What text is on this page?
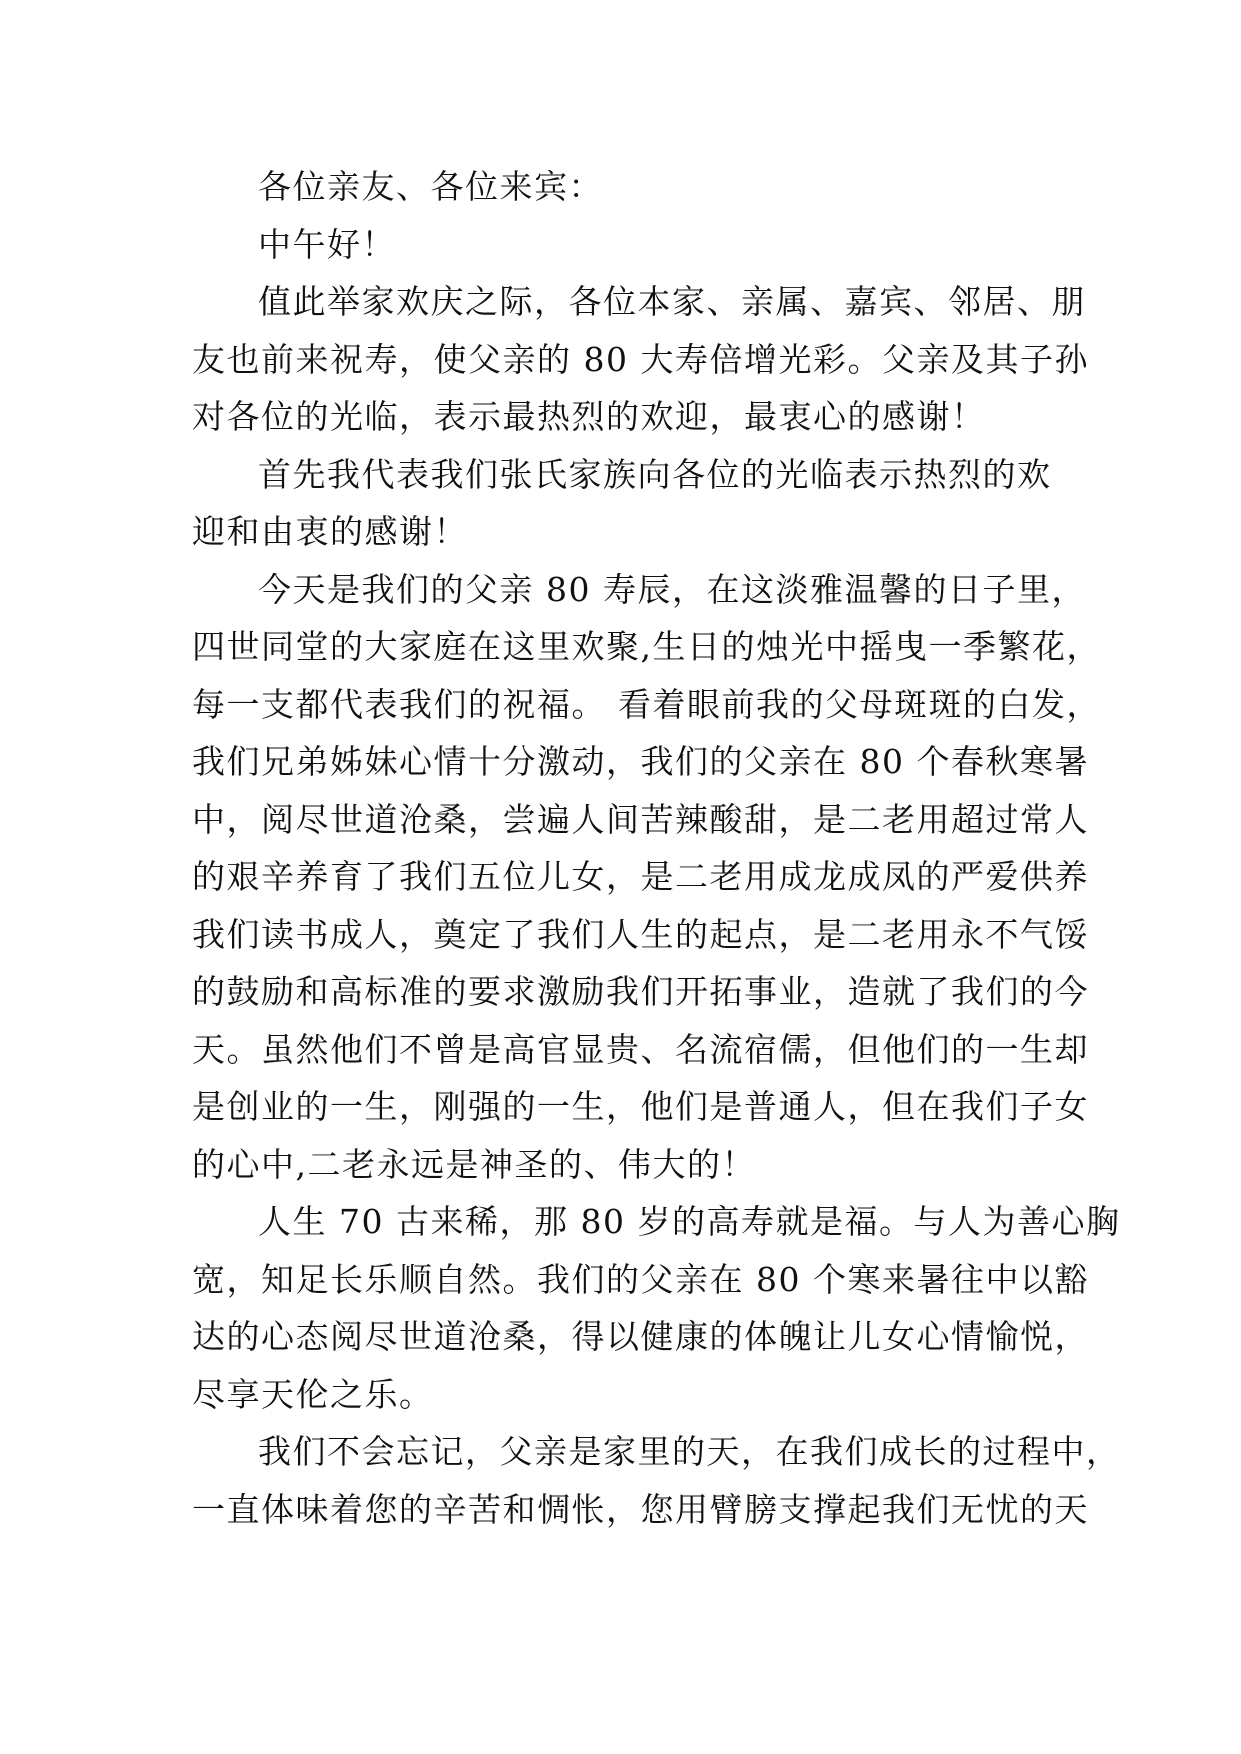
各位亲友、各位来宾：
中午好！
值此举家欢庆之际，各位本家、亲属、嘉宾、邻居、朋
友也前来祝寿，使父亲的 80 大寿倍增光彩。父亲及其子孙
对各位的光临，表示最热烈的欢迎，最衷心的感谢！
首先我代表我们张氏家族向各位的光临表示热烈的欢
迎和由衷的感谢！
今天是我们的父亲 80 寿辰，在这淡雅温馨的日子里，
四世同堂的大家庭在这里欢聚,生日的烛光中摇曳一季繁花，
每一支都代表我们的祝福。 看着眼前我的父母斑斑的白发，
我们兄弟姊妹心情十分激动，我们的父亲在 80 个春秋寒暑
中，阅尽世道沧桑，尝遍人间苦辣酸甜，是二老用超过常人
的艰辛养育了我们五位儿女，是二老用成龙成凤的严爱供养
我们读书成人，奠定了我们人生的起点，是二老用永不气馁
的鼓励和高标准的要求激励我们开拓事业，造就了我们的今
天。虽然他们不曾是高官显贵、名流宿儒，但他们的一生却
是创业的一生，刚强的一生，他们是普通人，但在我们子女
的心中,二老永远是神圣的、伟大的！
人生 70 古来稀，那 80 岁的高寿就是福。与人为善心胸
宽，知足长乐顺自然。我们的父亲在 80 个寒来暑往中以豁
达的心态阅尽世道沧桑，得以健康的体魄让儿女心情愉悦，
尽享天伦之乐。
我们不会忘记，父亲是家里的天，在我们成长的过程中，
一直体味着您的辛苦和惆怅，您用臂膀支撑起我们无忧的天
